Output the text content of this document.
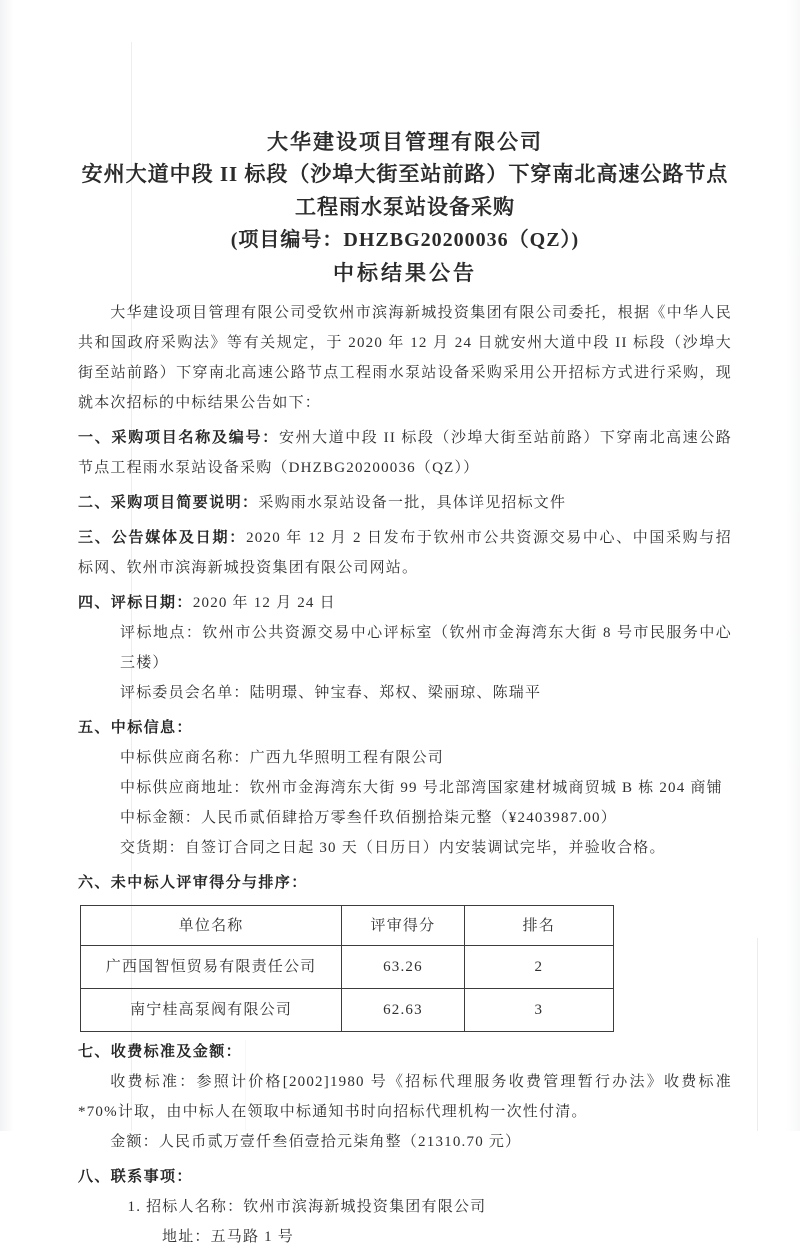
大华建设项目管理有限公司
安州大道中段 II 标段（沙埠大街至站前路）下穿南北高速公路节点工程雨水泵站设备采购
(项目编号：DHZBG20200036（QZ）)
中标结果公告

大华建设项目管理有限公司受钦州市滨海新城投资集团有限公司委托，根据《中华人民共和国政府采购法》等有关规定，于 2020 年 12 月 24 日就安州大道中段 II 标段（沙埠大街至站前路）下穿南北高速公路节点工程雨水泵站设备采购采用公开招标方式进行采购，现就本次招标的中标结果公告如下：

一、采购项目名称及编号：安州大道中段 II 标段（沙埠大街至站前路）下穿南北高速公路节点工程雨水泵站设备采购（DHZBG20200036（QZ））

二、采购项目简要说明：采购雨水泵站设备一批，具体详见招标文件

三、公告媒体及日期：2020 年 12 月 2 日发布于钦州市公共资源交易中心、中国采购与招标网、钦州市滨海新城投资集团有限公司网站。

四、评标日期：2020 年 12 月 24 日

评标地点：钦州市公共资源交易中心评标室（钦州市金海湾东大街 8 号市民服务中心三楼）

评标委员会名单：陆明璟、钟宝春、郑权、梁丽琼、陈瑞平

五、中标信息：

中标供应商名称：广西九华照明工程有限公司

中标供应商地址：钦州市金海湾东大街 99 号北部湾国家建材城商贸城 B 栋 204 商铺

中标金额：人民币贰佰肆拾万零叁仟玖佰捌拾柒元整（¥2403987.00）

交货期：自签订合同之日起 30 天（日历日）内安装调试完毕，并验收合格。

六、未中标人评审得分与排序：

单位名称	评审得分	排名
广西国智恒贸易有限责任公司	63.26	2
南宁桂高泵阀有限公司	62.63	3

七、收费标准及金额：

收费标准：参照计价格[2002]1980 号《招标代理服务收费管理暂行办法》收费标准*70%计取，由中标人在领取中标通知书时向招标代理机构一次性付清。

金额：人民币贰万壹仟叁佰壹拾元柒角整（21310.70 元）

八、联系事项：

1. 招标人名称：钦州市滨海新城投资集团有限公司

地址：五马路 1 号
